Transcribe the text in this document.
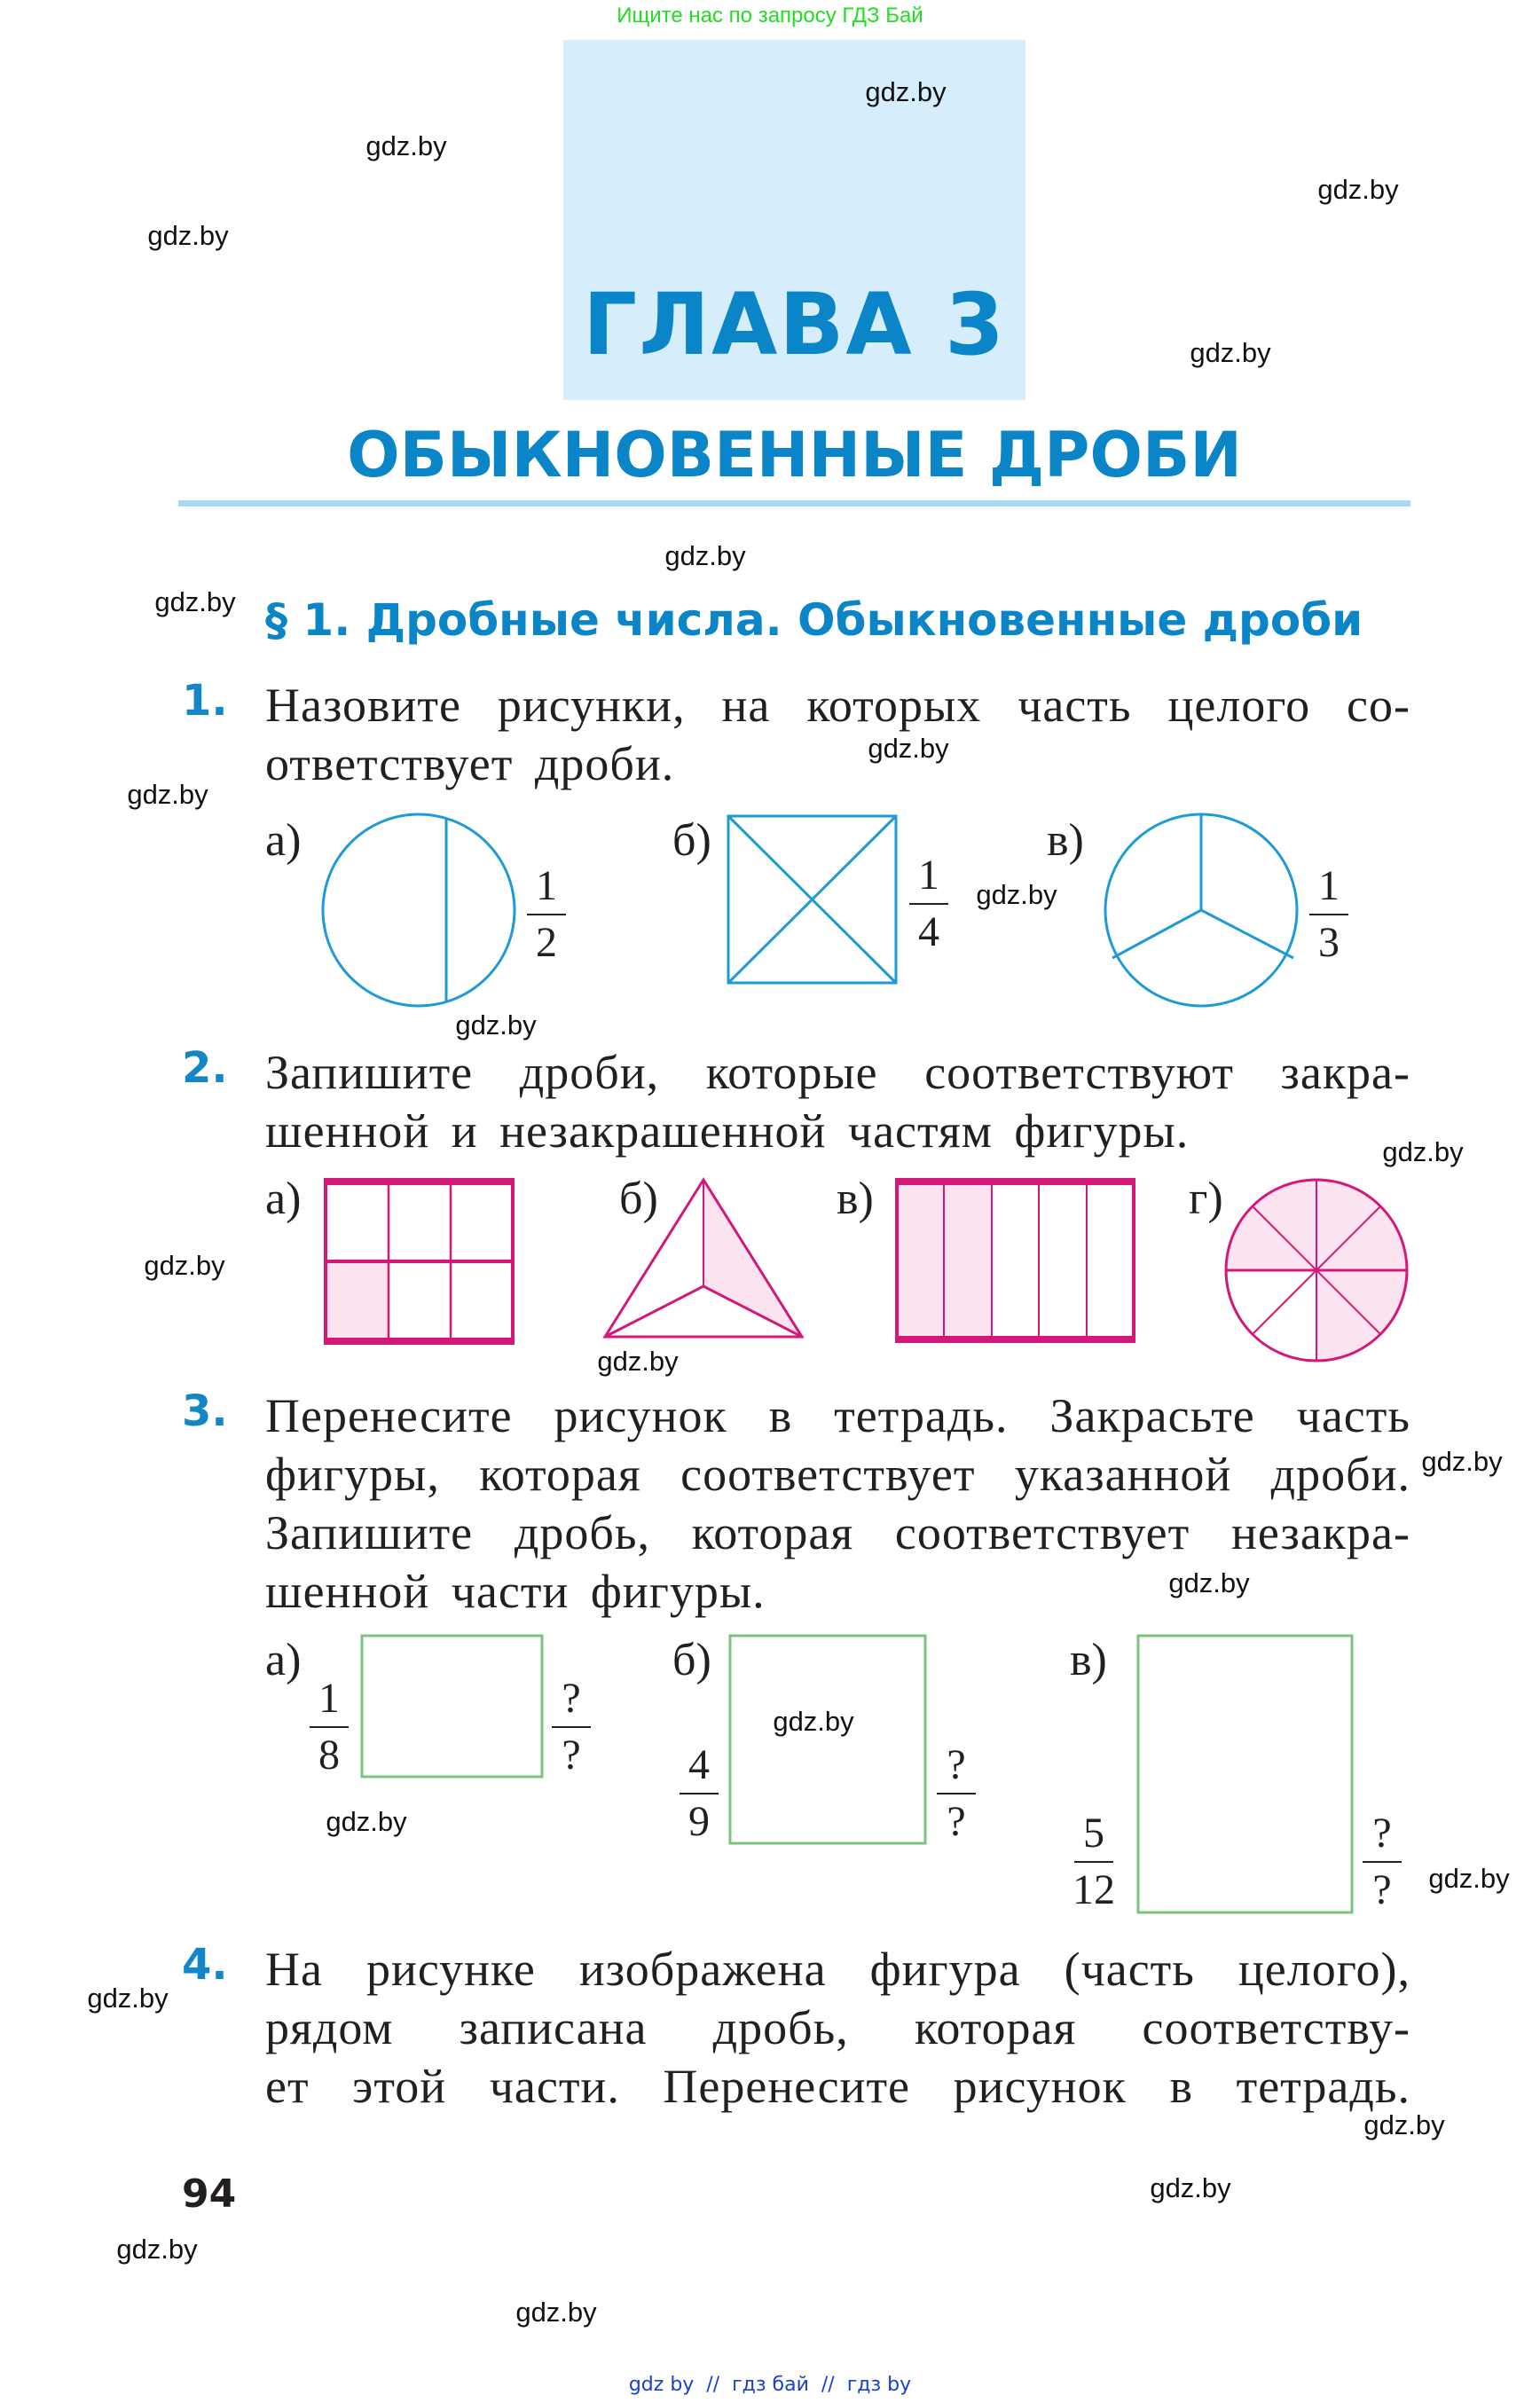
Ищите нас по запросу ГДЗ Бай
ГЛАВА 3
ОБЫКНОВЕННЫЕ ДРОБИ
§ 1. Дробные числа. Обыкновенные дроби
1. Назовите рисунки, на которых часть целого со-
ответствует дроби.
а)	б)	в)
1
2
1
4
1
3
2. Запишите дроби, которые соответствуют закра-
шенной и незакрашенной частям фигуры.
а)	б)	в)	г)
3. Перенесите рисунок в тетрадь. Закрасьте часть
фигуры, которая соответствует указанной дроби.
Запишите дробь, которая соответствует незакра-
шенной части фигуры.
а)	б)	в)
1
8
?
?	4
9
?
?	5
12
?
?
4. На рисунке изображена фигура (часть целого),
рядом записана дробь, которая соответству-
ет этой части. Перенесите рисунок в тетрадь.
94
gdz.by
gdz.by
gdz.by
gdz.by
gdz.by
gdz.by
gdz.by
gdz.by
gdz.by
gdz.by
gdz.by
gdz.by
gdz.by
gdz.by
gdz.by
gdz.by
gdz.by
gdz.by
gdz.by
gdz.by
gdz.by
gdz.by
gdz.by
gdz.by
gdz by  //  гдз бай  //  гдз by
